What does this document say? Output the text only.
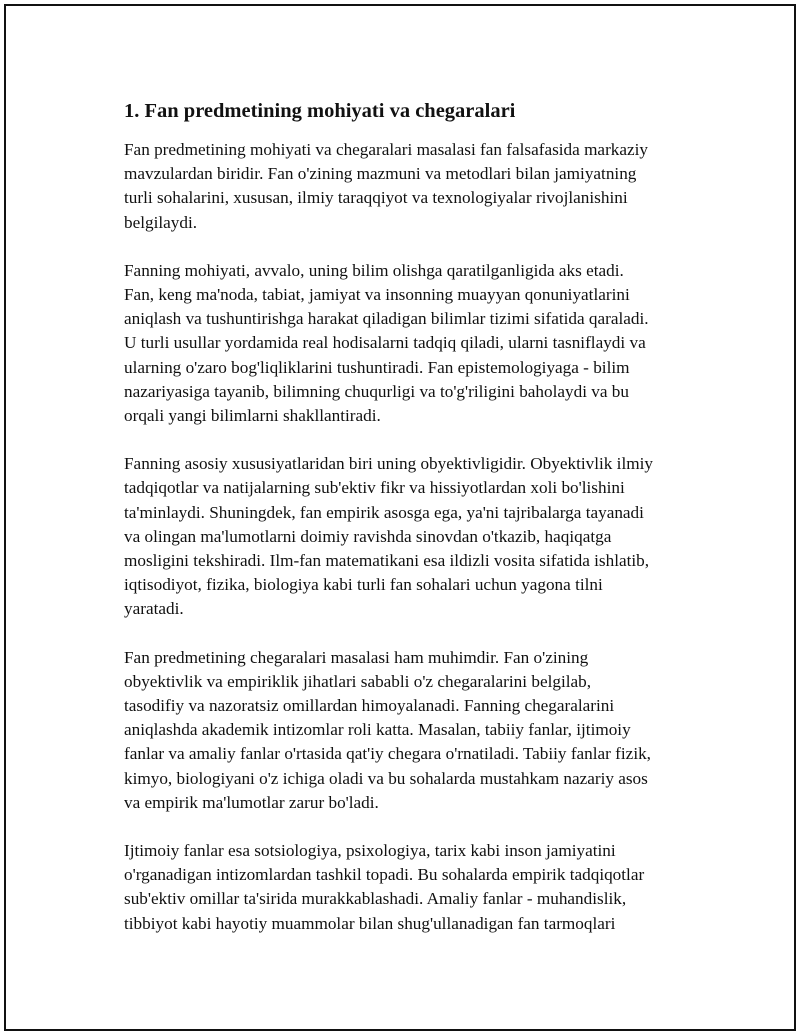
1. Fan predmetining mohiyati va chegaralari

Fan predmetining mohiyati va chegaralari masalasi fan falsafasida markaziy
mavzulardan biridir. Fan o'zining mazmuni va metodlari bilan jamiyatning
turli sohalarini, xususan, ilmiy taraqqiyot va texnologiyalar rivojlanishini
belgilaydi.

Fanning mohiyati, avvalo, uning bilim olishga qaratilganligida aks etadi.
Fan, keng ma'noda, tabiat, jamiyat va insonning muayyan qonuniyatlarini
aniqlash va tushuntirishga harakat qiladigan bilimlar tizimi sifatida qaraladi.
U turli usullar yordamida real hodisalarni tadqiq qiladi, ularni tasniflaydi va
ularning o'zaro bog'liqliklarini tushuntiradi. Fan epistemologiyaga - bilim
nazariyasiga tayanib, bilimning chuqurligi va to'g'riligini baholaydi va bu
orqali yangi bilimlarni shakllantiradi.

Fanning asosiy xususiyatlaridan biri uning obyektivligidir. Obyektivlik ilmiy
tadqiqotlar va natijalarning sub'ektiv fikr va hissiyotlardan xoli bo'lishini
ta'minlaydi. Shuningdek, fan empirik asosga ega, ya'ni tajribalarga tayanadi
va olingan ma'lumotlarni doimiy ravishda sinovdan o'tkazib, haqiqatga
mosligini tekshiradi. Ilm-fan matematikani esa ildizli vosita sifatida ishlatib,
iqtisodiyot, fizika, biologiya kabi turli fan sohalari uchun yagona tilni
yaratadi.

Fan predmetining chegaralari masalasi ham muhimdir. Fan o'zining
obyektivlik va empiriklik jihatlari sababli o'z chegaralarini belgilab,
tasodifiy va nazoratsiz omillardan himoyalanadi. Fanning chegaralarini
aniqlashda akademik intizomlar roli katta. Masalan, tabiiy fanlar, ijtimoiy
fanlar va amaliy fanlar o'rtasida qat'iy chegara o'rnatiladi. Tabiiy fanlar fizik,
kimyo, biologiyani o'z ichiga oladi va bu sohalarda mustahkam nazariy asos
va empirik ma'lumotlar zarur bo'ladi.

Ijtimoiy fanlar esa sotsiologiya, psixologiya, tarix kabi inson jamiyatini
o'rganadigan intizomlardan tashkil topadi. Bu sohalarda empirik tadqiqotlar
sub'ektiv omillar ta'sirida murakkablashadi. Amaliy fanlar - muhandislik,
tibbiyot kabi hayotiy muammolar bilan shug'ullanadigan fan tarmoqlari
